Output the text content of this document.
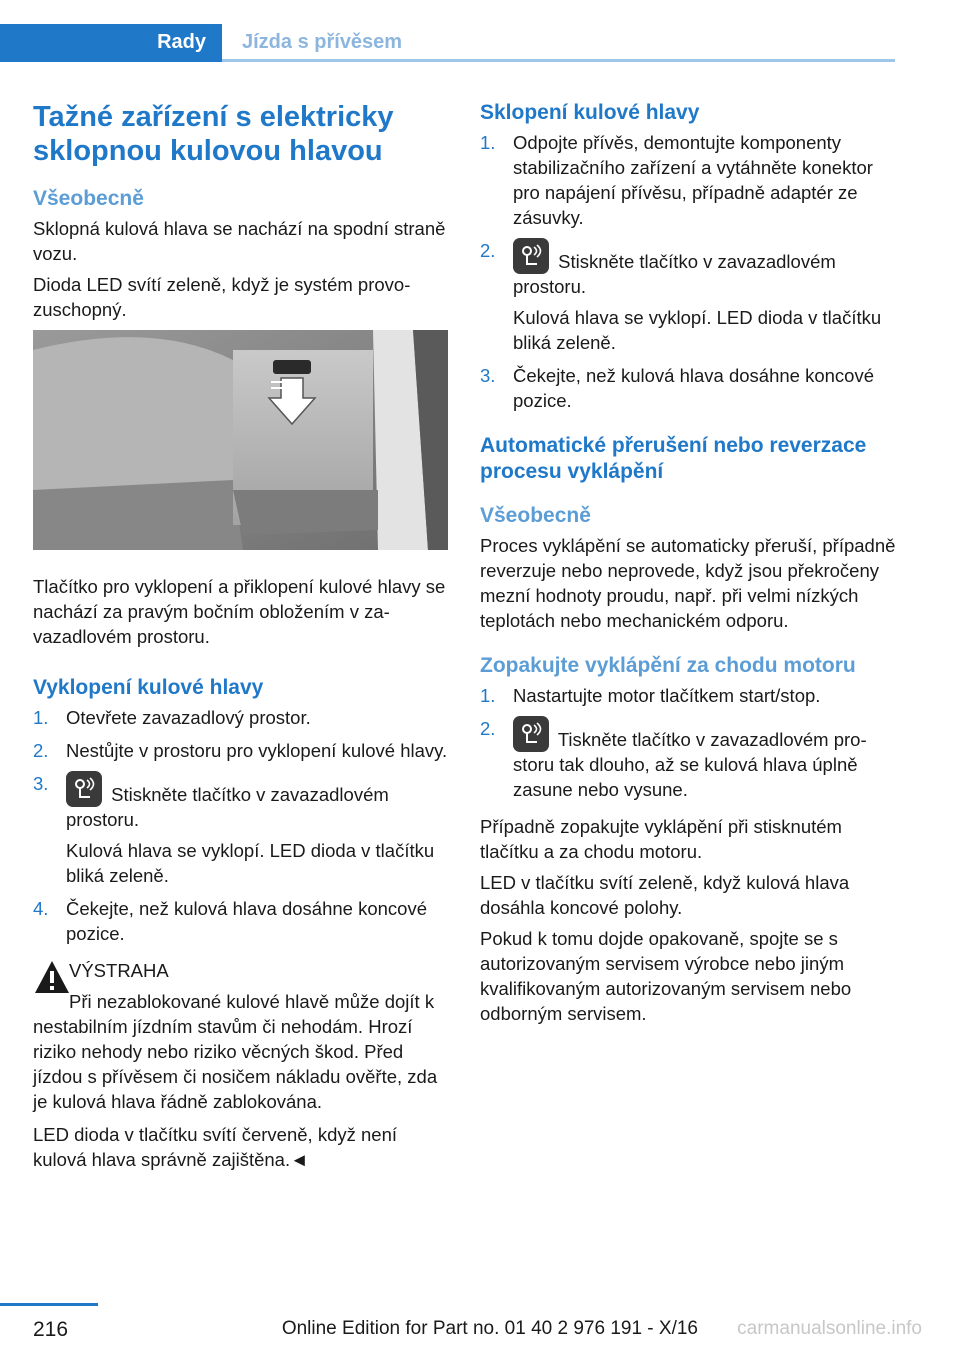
Rady Jízda s přívěsem
Tažné zařízení s elektricky sklopnou kulovou hlavou
Všeobecně

Sklopná kulová hlava se nachází na spodní straně vozu.

Dioda LED svítí zeleně, když je systém provozuschopný.

Tlačítko pro vyklopení a přiklopení kulové hlavy se nachází za pravým bočním obložením v zavazadlovém prostoru.

Vyklopení kulové hlavy
1. Otevřete zavazadlový prostor.
2. Nestůjte v prostoru pro vyklopení kulové hlavy.
3.
Stiskněte tlačítko v zavazadlovém prostoru.

Kulová hlava se vyklopí. LED dioda v tlačítku bliká zeleně.

4. Čekejte, než kulová hlava dosáhne koncové pozice.

VÝSTRAHA

Při nezablokované kulové hlavě může dojít k nestabilním jízdním stavům či nehodám. Hrozí riziko nehody nebo riziko věcných škod. Před jízdou s přívěsem či nosičem nákladu ověřte, zda je kulová hlava řádně zablokována.

LED dioda v tlačítku svítí červeně, když není kulová hlava správně zajištěna.◄

Sklopení kulové hlavy
1. Odpojte přívěs, demontujte komponenty stabilizačního zařízení a vytáhněte konektor pro napájení přívěsu, případně adaptér ze zásuvky.
2.
Stiskněte tlačítko v zavazadlovém prostoru.

Kulová hlava se vyklopí. LED dioda v tlačítku bliká zeleně.

3. Čekejte, než kulová hlava dosáhne koncové pozice.
Automatické přerušení nebo reverzace procesu vyklápění
Všeobecně

Proces vyklápění se automaticky přeruší, případně reverzuje nebo neprovede, když jsou překročeny mezní hodnoty proudu, např. při velmi nízkých teplotách nebo mechanickém odporu.

Zopakujte vyklápění za chodu motoru
1. Nastartujte motor tlačítkem start/stop.
2.
Tiskněte tlačítko v zavazadlovém prostoru tak dlouho, až se kulová hlava úplně zasune nebo vysune.

Případně zopakujte vyklápění při stisknutém tlačítku a za chodu motoru.

LED v tlačítku svítí zeleně, když kulová hlava dosáhla koncové polohy.

Pokud k tomu dojde opakovaně, spojte se s autorizovaným servisem výrobce nebo jiným kvalifikovaným autorizovaným servisem nebo odborným servisem.

216	Online Edition for Part no. 01 40 2 976 191 - X/16 carmanualsonline.info
